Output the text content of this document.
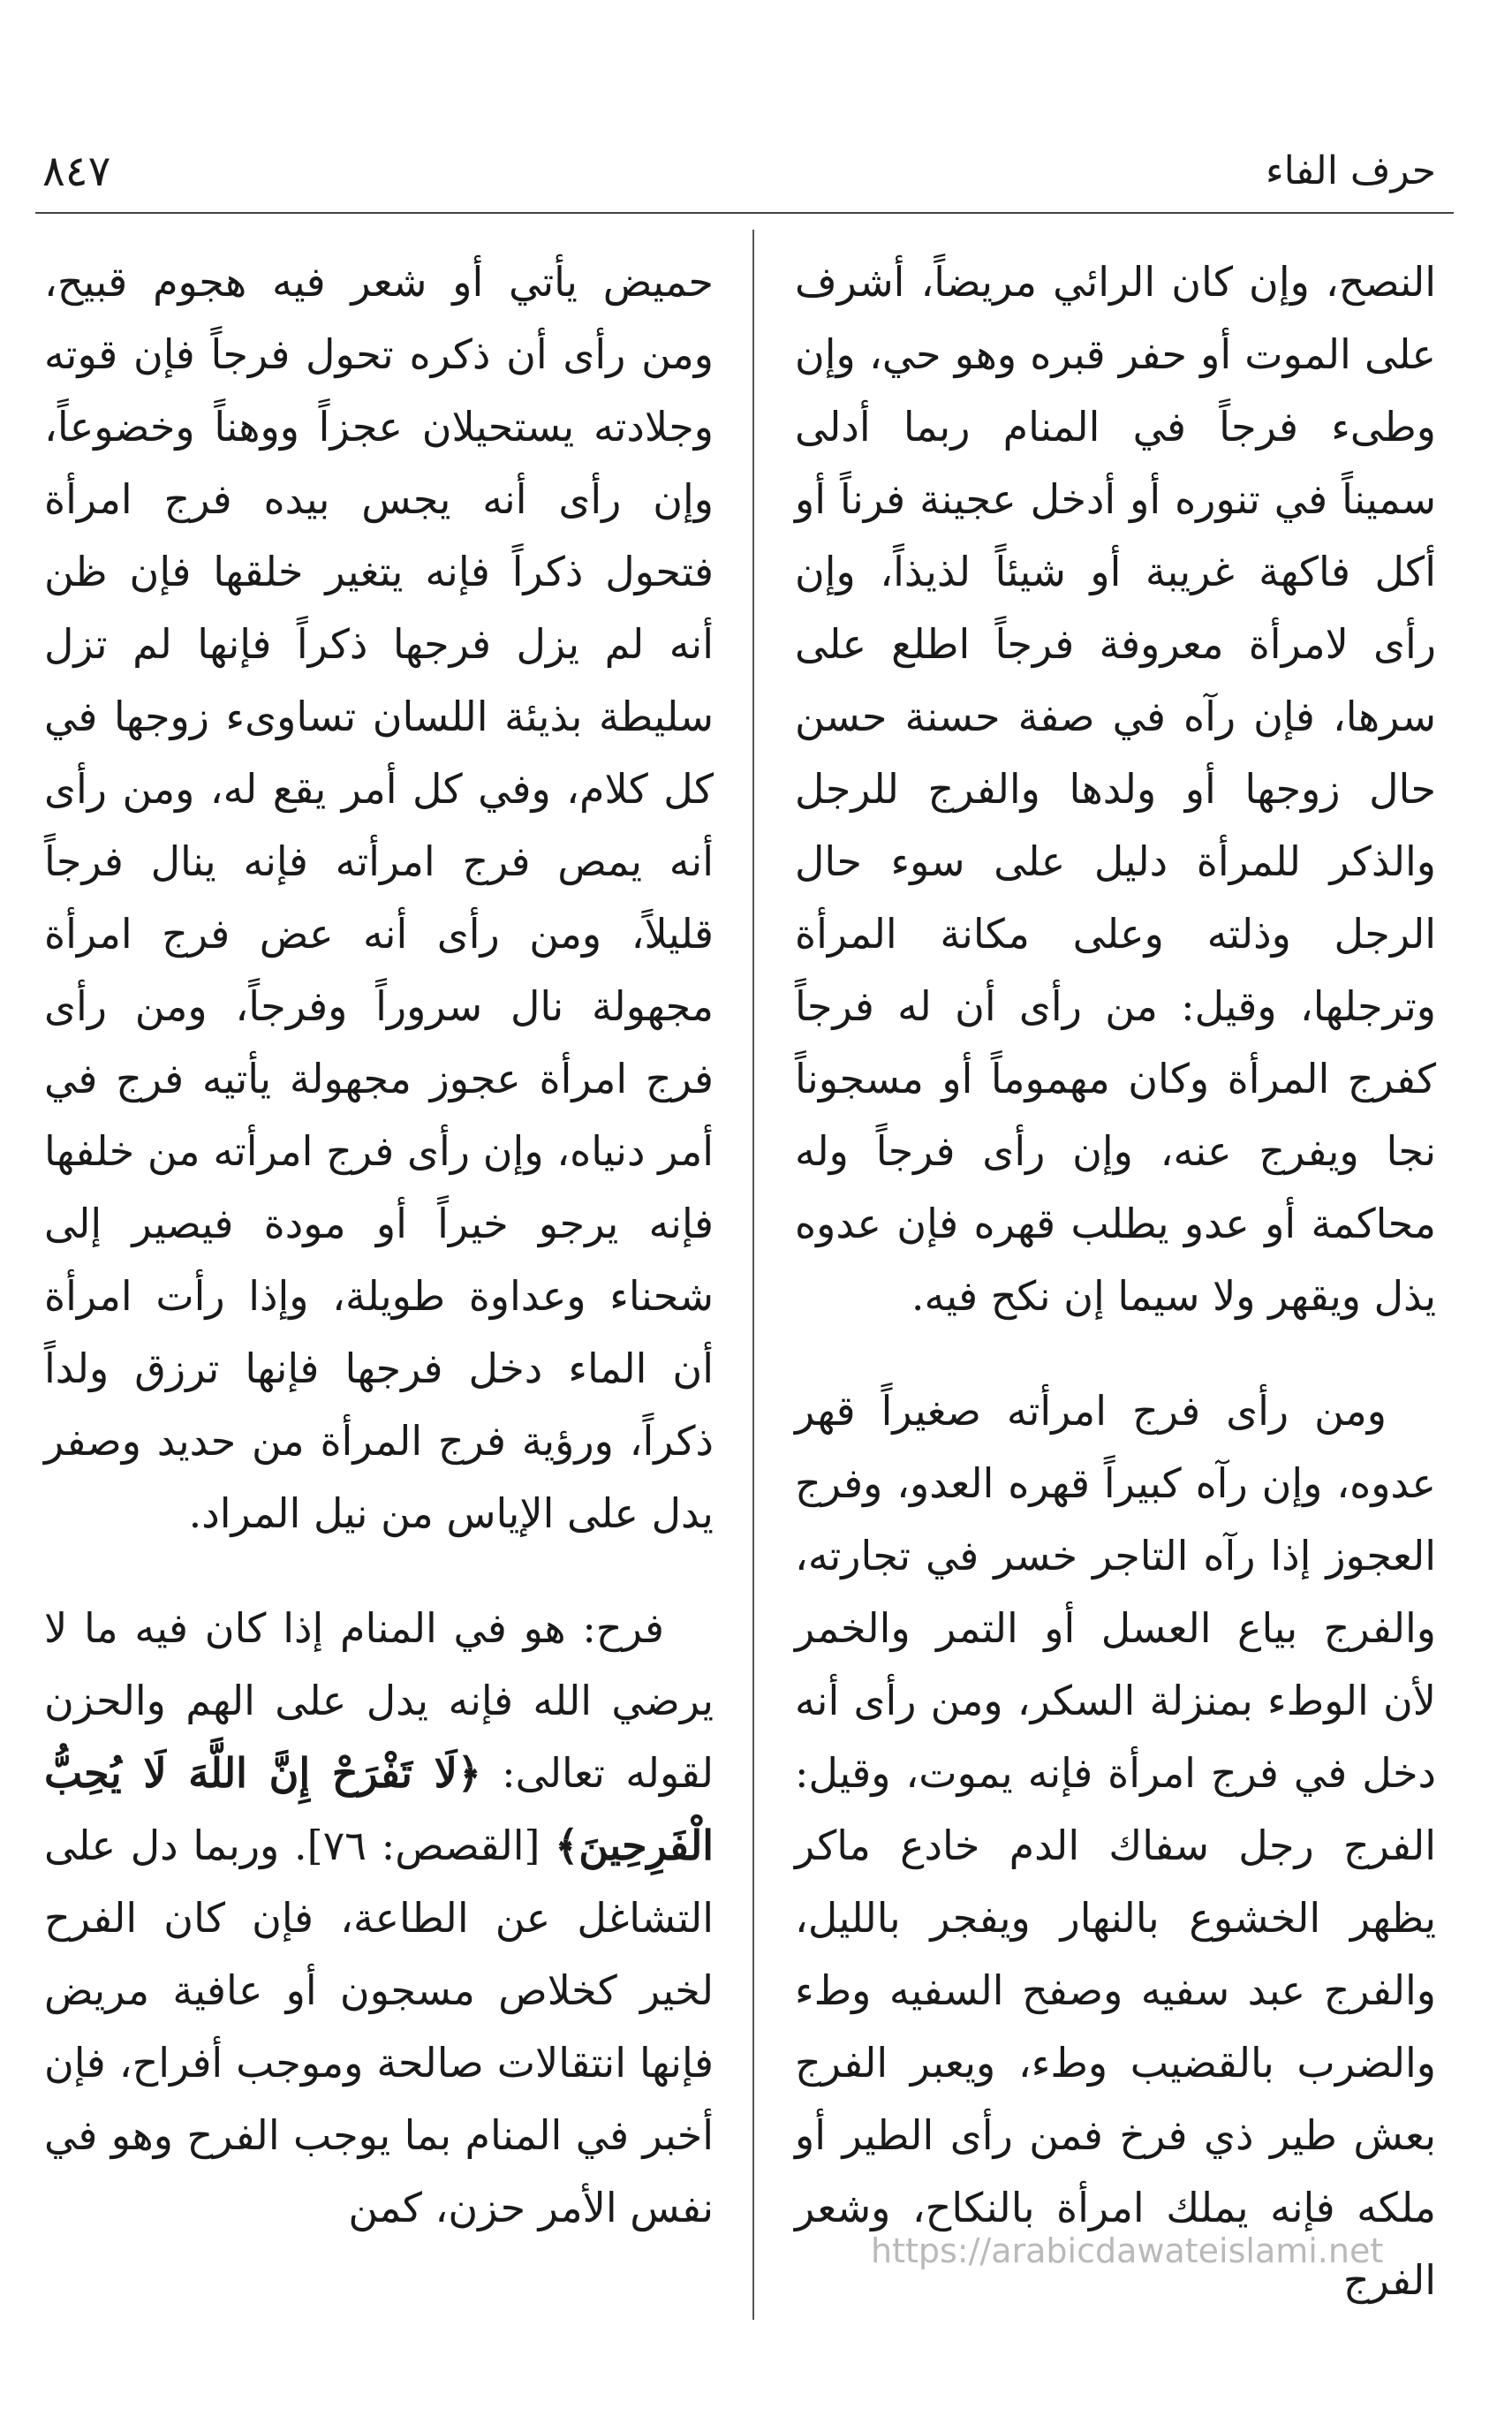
حرف الفاء
٨٤٧

النصح، وإن كان الرائي مريضاً، أشرف على الموت أو حفر قبره وهو حي، وإن وطىء فرجاً في المنام ربما أدلى سميناً في تنوره أو أدخل عجينة فرناً أو أكل فاكهة غريبة أو شيئاً لذيذاً، وإن رأى لامرأة معروفة فرجاً اطلع على سرها، فإن رآه في صفة حسنة حسن حال زوجها أو ولدها والفرج للرجل والذكر للمرأة دليل على سوء حال الرجل وذلته وعلى مكانة المرأة وترجلها، وقيل: من رأى أن له فرجاً كفرج المرأة وكان مهموماً أو مسجوناً نجا ويفرج عنه، وإن رأى فرجاً وله محاكمة أو عدو يطلب قهره فإن عدوه يذل ويقهر ولا سيما إن نكح فيه.

ومن رأى فرج امرأته صغيراً قهر عدوه، وإن رآه كبيراً قهره العدو، وفرج العجوز إذا رآه التاجر خسر في تجارته، والفرج بياع العسل أو التمر والخمر لأن الوطء بمنزلة السكر، ومن رأى أنه دخل في فرج امرأة فإنه يموت، وقيل: الفرج رجل سفاك الدم خادع ماكر يظهر الخشوع بالنهار ويفجر بالليل، والفرج عبد سفيه وصفح السفيه وطء والضرب بالقضيب وطء، ويعبر الفرج بعش طير ذي فرخ فمن رأى الطير أو ملكه فإنه يملك امرأة بالنكاح، وشعر الفرج

حميض يأتي أو شعر فيه هجوم قبيح، ومن رأى أن ذكره تحول فرجاً فإن قوته وجلادته يستحيلان عجزاً ووهناً وخضوعاً، وإن رأى أنه يجس بيده فرج امرأة فتحول ذكراً فإنه يتغير خلقها فإن ظن أنه لم يزل فرجها ذكراً فإنها لم تزل سليطة بذيئة اللسان تساوىء زوجها في كل كلام، وفي كل أمر يقع له، ومن رأى أنه يمص فرج امرأته فإنه ينال فرجاً قليلاً، ومن رأى أنه عض فرج امرأة مجهولة نال سروراً وفرجاً، ومن رأى فرج امرأة عجوز مجهولة يأتيه فرج في أمر دنياه، وإن رأى فرج امرأته من خلفها فإنه يرجو خيراً أو مودة فيصير إلى شحناء وعداوة طويلة، وإذا رأت امرأة أن الماء دخل فرجها فإنها ترزق ولداً ذكراً، ورؤية فرج المرأة من حديد وصفر يدل على الإياس من نيل المراد.

فرح: هو في المنام إذا كان فيه ما لا يرضي الله فإنه يدل على الهم والحزن لقوله تعالى: ﴿لَا تَفْرَحْ إِنَّ اللَّهَ لَا يُحِبُّ الْفَرِحِينَ﴾ [القصص: ٧٦]. وربما دل على التشاغل عن الطاعة، فإن كان الفرح لخير كخلاص مسجون أو عافية مريض فإنها انتقالات صالحة وموجب أفراح، فإن أخبر في المنام بما يوجب الفرح وهو في نفس الأمر حزن، كمن

https://arabicdawateislami.net
